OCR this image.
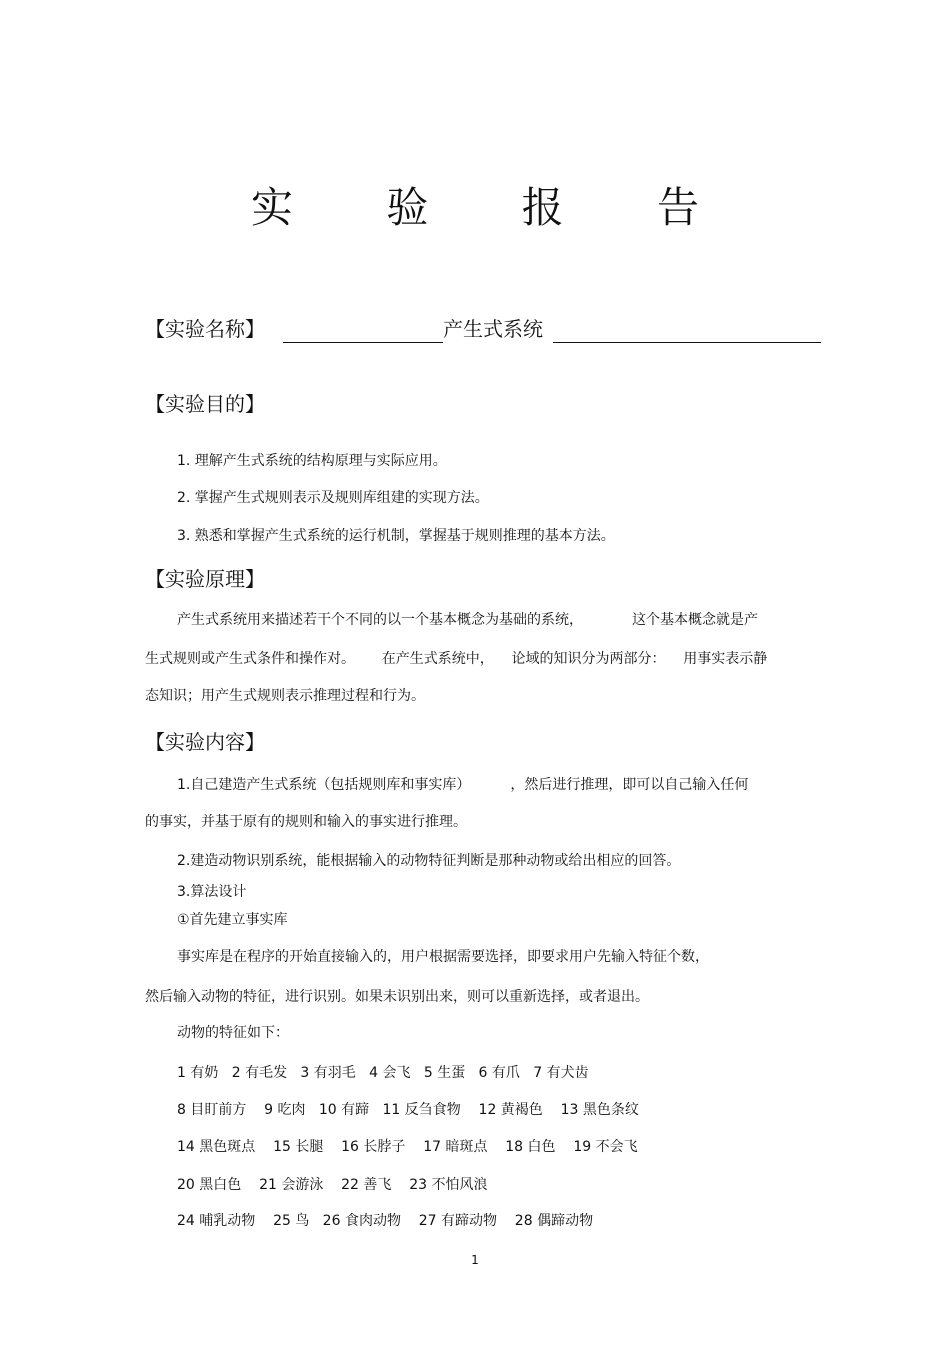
实 验 报 告
【实验名称】	产生式系统
【实验目的】
1. 理解产生式系统的结构原理与实际应用。
2. 掌握产生式规则表示及规则库组建的实现方法。
3. 熟悉和掌握产生式系统的运行机制，掌握基于规则推理的基本方法。
【实验原理】
产生式系统用来描述若干个不同的以一个基本概念为基础的系统，           这个基本概念就是产
生式规则或产生式条件和操作对。      在产生式系统中，    论域的知识分为两部分：    用事实表示静
态知识；用产生式规则表示推理过程和行为。
【实验内容】
1.自己建造产生式系统（包括规则库和事实库）         ，然后进行推理，即可以自己输入任何
的事实，并基于原有的规则和输入的事实进行推理。
2.建造动物识别系统，能根据输入的动物特征判断是那种动物或给出相应的回答。
3.算法设计
①首先建立事实库
事实库是在程序的开始直接输入的，用户根据需要选择，即要求用户先输入特征个数，
然后输入动物的特征，进行识别。如果未识别出来，则可以重新选择，或者退出。
动物的特征如下：
1 有奶   2 有毛发   3 有羽毛   4 会飞   5 生蛋   6 有爪   7 有犬齿
8 目盯前方    9 吃肉   10 有蹄   11 反刍食物    12 黄褐色    13 黑色条纹
14 黑色斑点    15 长腿    16 长脖子    17 暗斑点    18 白色    19 不会飞
20 黑白色    21 会游泳    22 善飞    23 不怕风浪
24 哺乳动物    25 鸟   26 食肉动物    27 有蹄动物    28 偶蹄动物
1
